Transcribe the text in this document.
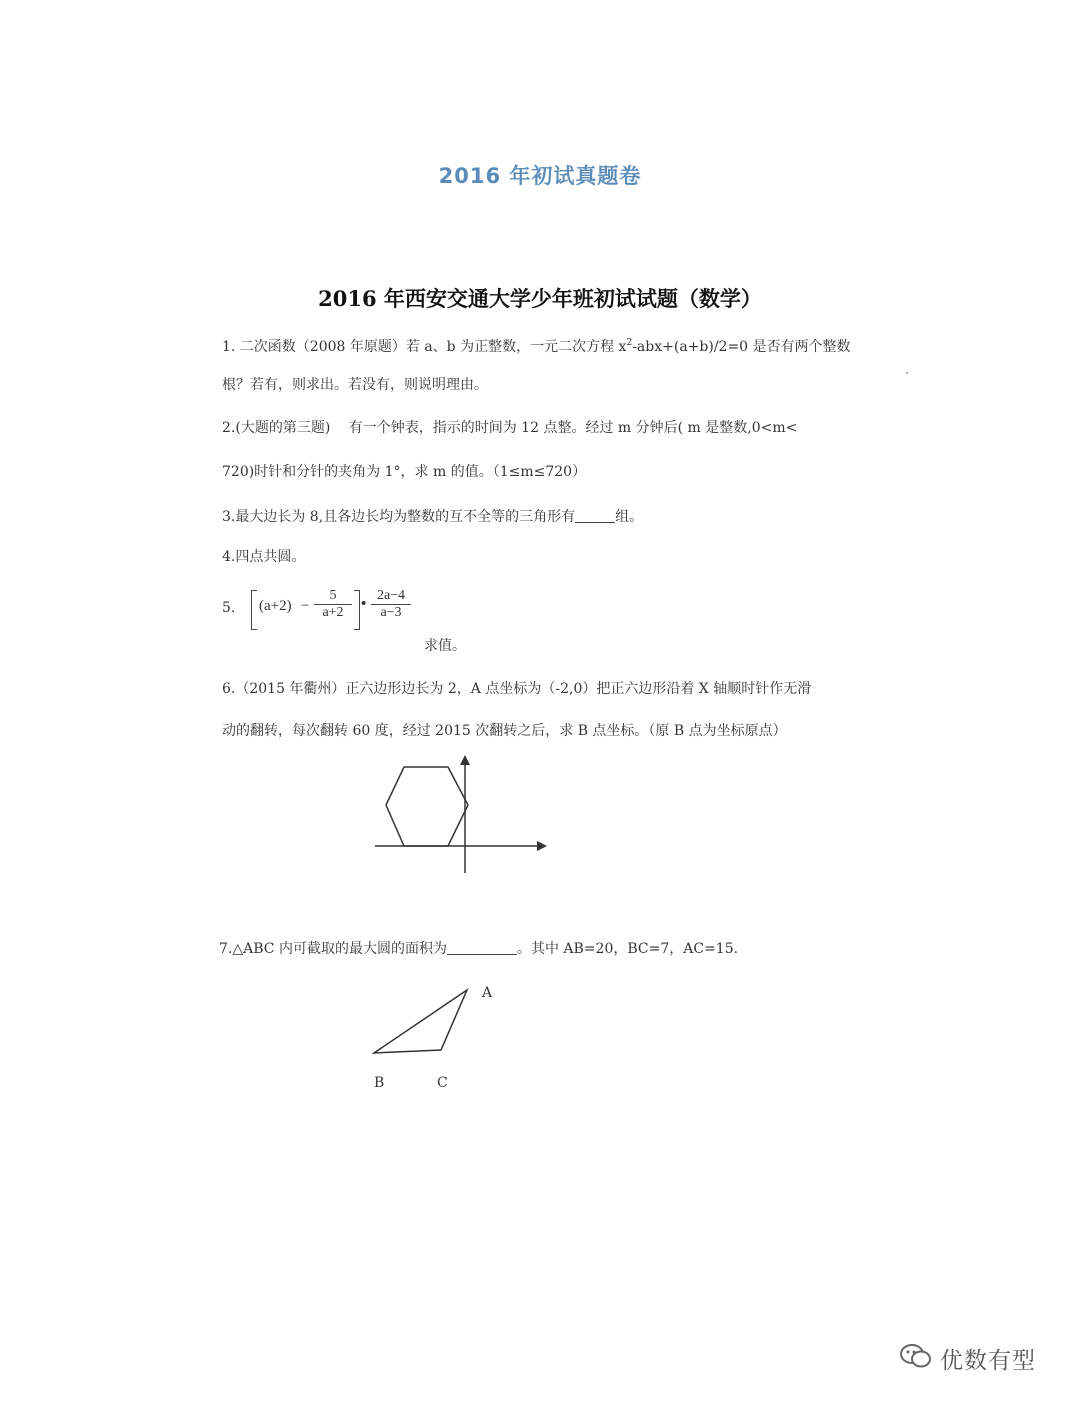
2016 年初试真题卷
2016 年西安交通大学少年班初试试题（数学）
1. 二次函数（2008 年原题）若 a、b 为正整数，一元二次方程 $x^2-abx+(a+b)/2=0$ 是否有两个整数
根？若有，则求出。若没有，则说明理由。
2.(大题的第三题)　 有一个钟表，指示的时间为 12 点整。经过 m 分钟后( m 是整数,0<m<
720)时针和分针的夹角为 1°，求 m 的值。（1≤m≤720）
3.最大边长为 8,且各边长均为整数的互不全等的三角形有	组。
4.四点共圆。
5. $(a+2) - \frac{5}{a+2}$ • $\frac{2a-4}{a-3}$
求值。
6.（2015 年衢州）正六边形边长为 2，A 点坐标为（-2,0）把正六边形沿着 X 轴顺时针作无滑
动的翻转，每次翻转 60 度，经过 2015 次翻转之后，求 B 点坐标。（原 B 点为坐标原点）
7.△ABC 内可截取的最大圆的面积为	。其中 AB=20，BC=7，AC=15.
A
B	C
优数有型
